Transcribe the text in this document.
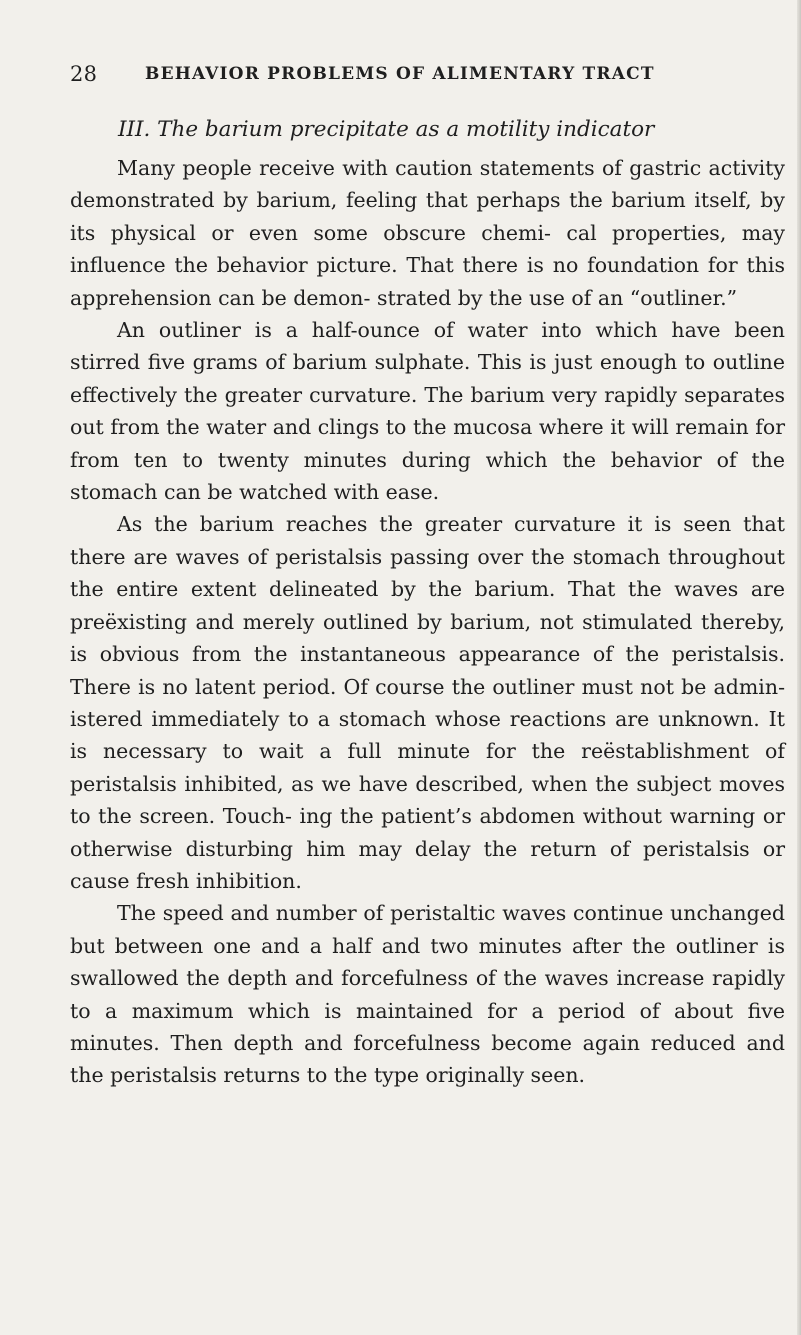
28	BEHAVIOR PROBLEMS OF ALIMENTARY TRACT
III. The barium precipitate as a motility indicator

Many people receive with caution statements of gastric activity demonstrated by barium, feeling that perhaps the barium itself, by its physical or even some obscure chemi- cal properties, may influence the behavior picture. That there is no foundation for this apprehension can be demon- strated by the use of an “outliner.”

An outliner is a half-ounce of water into which have been stirred five grams of barium sulphate. This is just enough to outline effectively the greater curvature. The barium very rapidly separates out from the water and clings to the mucosa where it will remain for from ten to twenty minutes during which the behavior of the stomach can be watched with ease.

As the barium reaches the greater curvature it is seen that there are waves of peristalsis passing over the stomach throughout the entire extent delineated by the barium. That the waves are preëxisting and merely outlined by barium, not stimulated thereby, is obvious from the instantaneous appearance of the peristalsis. There is no latent period. Of course the outliner must not be admin- istered immediately to a stomach whose reactions are unknown. It is necessary to wait a full minute for the reëstablishment of peristalsis inhibited, as we have described, when the subject moves to the screen. Touch- ing the patient’s abdomen without warning or otherwise disturbing him may delay the return of peristalsis or cause fresh inhibition.

The speed and number of peristaltic waves continue unchanged but between one and a half and two minutes after the outliner is swallowed the depth and forcefulness of the waves increase rapidly to a maximum which is maintained for a period of about five minutes. Then depth and forcefulness become again reduced and the peristalsis returns to the type originally seen.
